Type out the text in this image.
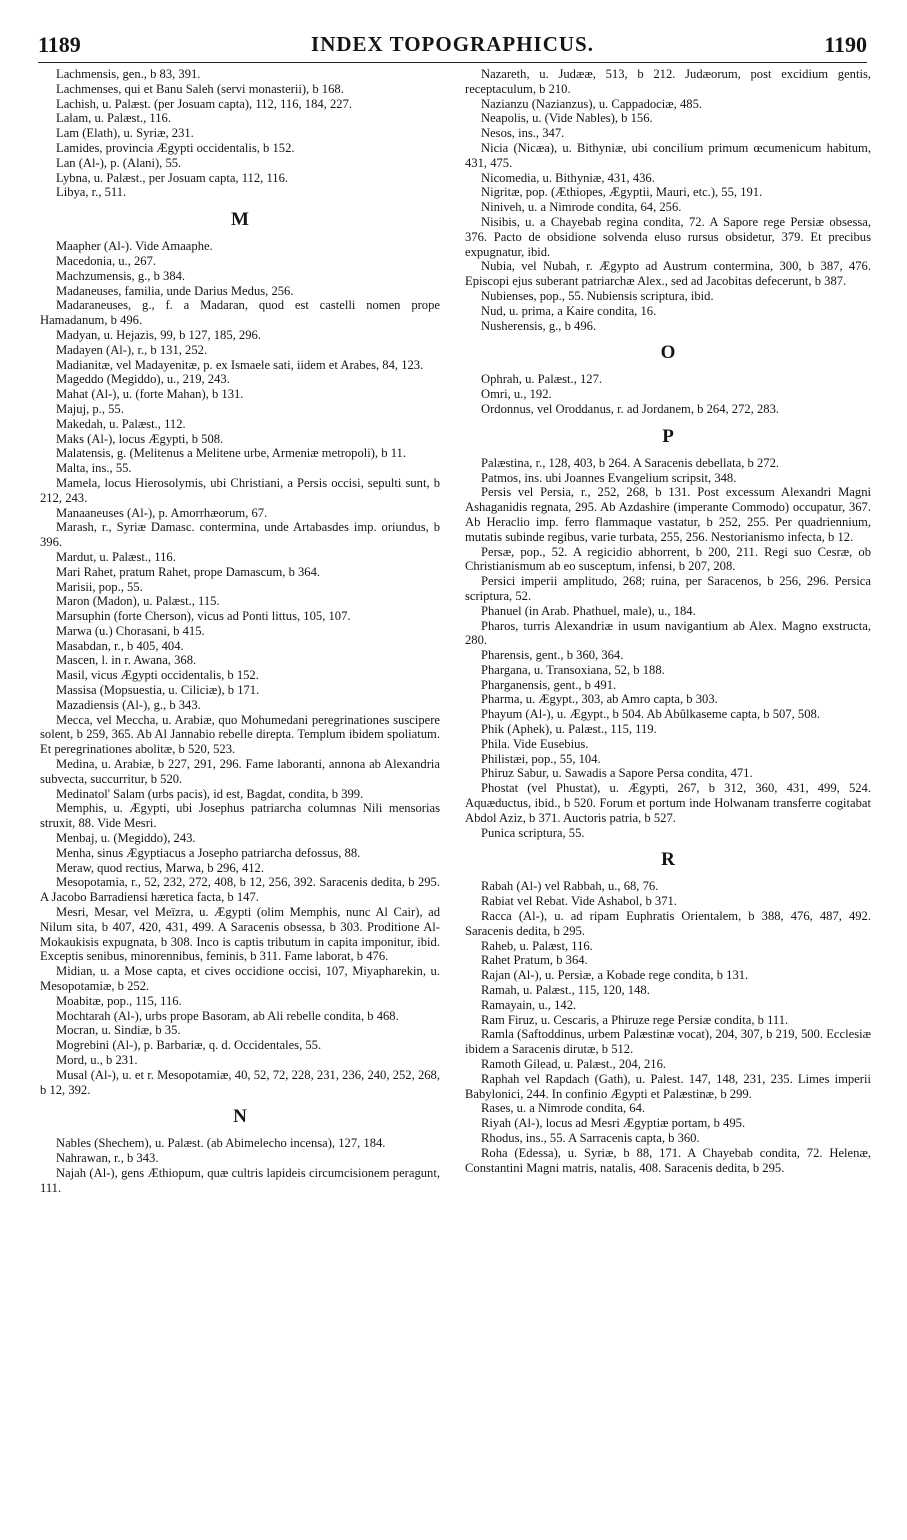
1189	INDEX TOPOGRAPHICUS.	1190

Lachmensis, gen., b 83, 391.

Lachmenses, qui et Banu Saleh (servi monasterii), b 168.

Lachish, u. Palæst. (per Josuam capta), 112, 116, 184, 227.

Lalam, u. Palæst., 116.

Lam (Elath), u. Syriæ, 231.

Lamides, provincia Ægypti occidentalis, b 152.

Lan (Al-), p. (Alani), 55.

Lybna, u. Palæst., per Josuam capta, 112, 116.

Libya, r., 511.

M

Maapher (Al-). Vide Amaaphe.

Macedonia, u., 267.

Machzumensis, g., b 384.

Madaneuses, familia, unde Darius Medus, 256.

Madaraneuses, g., f. a Madaran, quod est castelli nomen prope Hamadanum, b 496.

Madyan, u. Hejazis, 99, b 127, 185, 296.

Madayen (Al-), r., b 131, 252.

Madianitæ, vel Madayenitæ, p. ex Ismaele sati, iidem et Arabes, 84, 123.

Mageddo (Megiddo), u., 219, 243.

Mahat (Al-), u. (forte Mahan), b 131.

Majuj, p., 55.

Makedah, u. Palæst., 112.

Maks (Al-), locus Ægypti, b 508.

Malatensis, g. (Melitenus a Melitene urbe, Armeniæ metropoli), b 11.

Malta, ins., 55.

Mamela, locus Hierosolymis, ubi Christiani, a Persis occisi, sepulti sunt, b 212, 243.

Manaaneuses (Al-), p. Amorrhæorum, 67.

Marash, r., Syriæ Damasc. contermina, unde Artabasdes imp. oriundus, b 396.

Mardut, u. Palæst., 116.

Mari Rahet, pratum Rahet, prope Damascum, b 364.

Marisii, pop., 55.

Maron (Madon), u. Palæst., 115.

Marsuphin (forte Cherson), vicus ad Ponti littus, 105, 107.

Marwa (u.) Chorasani, b 415.

Masabdan, r., b 405, 404.

Mascen, l. in r. Awana, 368.

Masil, vicus Ægypti occidentalis, b 152.

Massisa (Mopsuestia, u. Ciliciæ), b 171.

Mazadiensis (Al-), g., b 343.

Mecca, vel Meccha, u. Arabiæ, quo Mohumedani peregrinationes suscipere solent, b 259, 365. Ab Al Jannabio rebelle direpta. Templum ibidem spoliatum. Et peregrinationes abolitæ, b 520, 523.

Medina, u. Arabiæ, b 227, 291, 296. Fame laboranti, annona ab Alexandria subvecta, succurritur, b 520.

Medinatol' Salam (urbs pacis), id est, Bagdat, condita, b 399.

Memphis, u. Ægypti, ubi Josephus patriarcha columnas Nili mensorias struxit, 88. Vide Mesri.

Menbaj, u. (Megiddo), 243.

Menha, sinus Ægyptiacus a Josepho patriarcha defossus, 88.

Meraw, quod rectius, Marwa, b 296, 412.

Mesopotamia, r., 52, 232, 272, 408, b 12, 256, 392. Saracenis dedita, b 295. A Jacobo Barradiensi hæretica facta, b 147.

Mesri, Mesar, vel Meïzra, u. Ægypti (olim Memphis, nunc Al Cair), ad Nilum sita, b 407, 420, 431, 499. A Saracenis obsessa, b 303. Proditione Al-Mokaukisis expugnata, b 308. Inco is captis tributum in capita imponitur, ibid. Exceptis senibus, minorennibus, feminis, b 311. Fame laborat, b 476.

Midian, u. a Mose capta, et cives occidione occisi, 107, Miyapharekin, u. Mesopotamiæ, b 252.

Moabitæ, pop., 115, 116.

Mochtarah (Al-), urbs prope Basoram, ab Ali rebelle condita, b 468.

Mocran, u. Sindiæ, b 35.

Mogrebini (Al-), p. Barbariæ, q. d. Occidentales, 55.

Mord, u., b 231.

Musal (Al-), u. et r. Mesopotamiæ, 40, 52, 72, 228, 231, 236, 240, 252, 268, b 12, 392.

N

Nables (Shechem), u. Palæst. (ab Abimelecho incensa), 127, 184.

Nahrawan, r., b 343.

Najah (Al-), gens Æthiopum, quæ cultris lapideis circumcisionem peragunt, 111.

Nazareth, u. Judææ, 513, b 212. Judæorum, post excidium gentis, receptaculum, b 210.

Nazianzu (Nazianzus), u. Cappadociæ, 485.

Neapolis, u. (Vide Nables), b 156.

Nesos, ins., 347.

Nicia (Nicæa), u. Bithyniæ, ubi concilium primum œcumenicum habitum, 431, 475.

Nicomedia, u. Bithyniæ, 431, 436.

Nigritæ, pop. (Æthiopes, Ægyptii, Mauri, etc.), 55, 191.

Niniveh, u. a Nimrode condita, 64, 256.

Nisibis, u. a Chayebab regina condita, 72. A Sapore rege Persiæ obsessa, 376. Pacto de obsidione solvenda eluso rursus obsidetur, 379. Et precibus expugnatur, ibid.

Nubia, vel Nubah, r. Ægypto ad Austrum contermina, 300, b 387, 476. Episcopi ejus suberant patriarchæ Alex., sed ad Jacobitas defecerunt, b 387.

Nubienses, pop., 55. Nubiensis scriptura, ibid.

Nud, u. prima, a Kaire condita, 16.

Nusherensis, g., b 496.

O

Ophrah, u. Palæst., 127.

Omri, u., 192.

Ordonnus, vel Oroddanus, r. ad Jordanem, b 264, 272, 283.

P

Palæstina, r., 128, 403, b 264. A Saracenis debellata, b 272.

Patmos, ins. ubi Joannes Evangelium scripsit, 348.

Persis vel Persia, r., 252, 268, b 131. Post excessum Alexandri Magni Ashaganidis regnata, 295. Ab Azdashire (imperante Commodo) occupatur, 367. Ab Heraclio imp. ferro flammaque vastatur, b 252, 255. Per quadriennium, mutatis subinde regibus, varie turbata, 255, 256. Nestorianismo infecta, b 12.

Persæ, pop., 52. A regicidio abhorrent, b 200, 211. Regi suo Cesræ, ob Christianismum ab eo susceptum, infensi, b 207, 208.

Persici imperii amplitudo, 268; ruina, per Saracenos, b 256, 296. Persica scriptura, 52.

Phanuel (in Arab. Phathuel, male), u., 184.

Pharos, turris Alexandriæ in usum navigantium ab Alex. Magno exstructa, 280.

Pharensis, gent., b 360, 364.

Phargana, u. Transoxiana, 52, b 188.

Pharganensis, gent., b 491.

Pharma, u. Ægypt., 303, ab Amro capta, b 303.

Phayum (Al-), u. Ægypt., b 504. Ab Abûlkaseme capta, b 507, 508.

Phik (Aphek), u. Palæst., 115, 119.

Phila. Vide Eusebius.

Philistæi, pop., 55, 104.

Phiruz Sabur, u. Sawadis a Sapore Persa condita, 471.

Phostat (vel Phustat), u. Ægypti, 267, b 312, 360, 431, 499, 524. Aquæductus, ibid., b 520. Forum et portum inde Holwanam transferre cogitabat Abdol Aziz, b 371. Auctoris patria, b 527.

Punica scriptura, 55.

R

Rabah (Al-) vel Rabbah, u., 68, 76.

Rabiat vel Rebat. Vide Ashabol, b 371.

Racca (Al-), u. ad ripam Euphratis Orientalem, b 388, 476, 487, 492. Saracenis dedita, b 295.

Raheb, u. Palæst, 116.

Rahet Pratum, b 364.

Rajan (Al-), u. Persiæ, a Kobade rege condita, b 131.

Ramah, u. Palæst., 115, 120, 148.

Ramayain, u., 142.

Ram Firuz, u. Cescaris, a Phiruze rege Persiæ condita, b 111.

Ramla (Saftoddinus, urbem Palæstinæ vocat), 204, 307, b 219, 500. Ecclesiæ ibidem a Saracenis dirutæ, b 512.

Ramoth Gilead, u. Palæst., 204, 216.

Raphah vel Rapdach (Gath), u. Palest. 147, 148, 231, 235. Limes imperii Babylonici, 244. In confinio Ægypti et Palæstinæ, b 299.

Rases, u. a Nimrode condita, 64.

Riyah (Al-), locus ad Mesri Ægyptiæ portam, b 495.

Rhodus, ins., 55. A Sarracenis capta, b 360.

Roha (Edessa), u. Syriæ, b 88, 171. A Chayebab condita, 72. Helenæ, Constantini Magni matris, natalis, 408. Saracenis dedita, b 295.
